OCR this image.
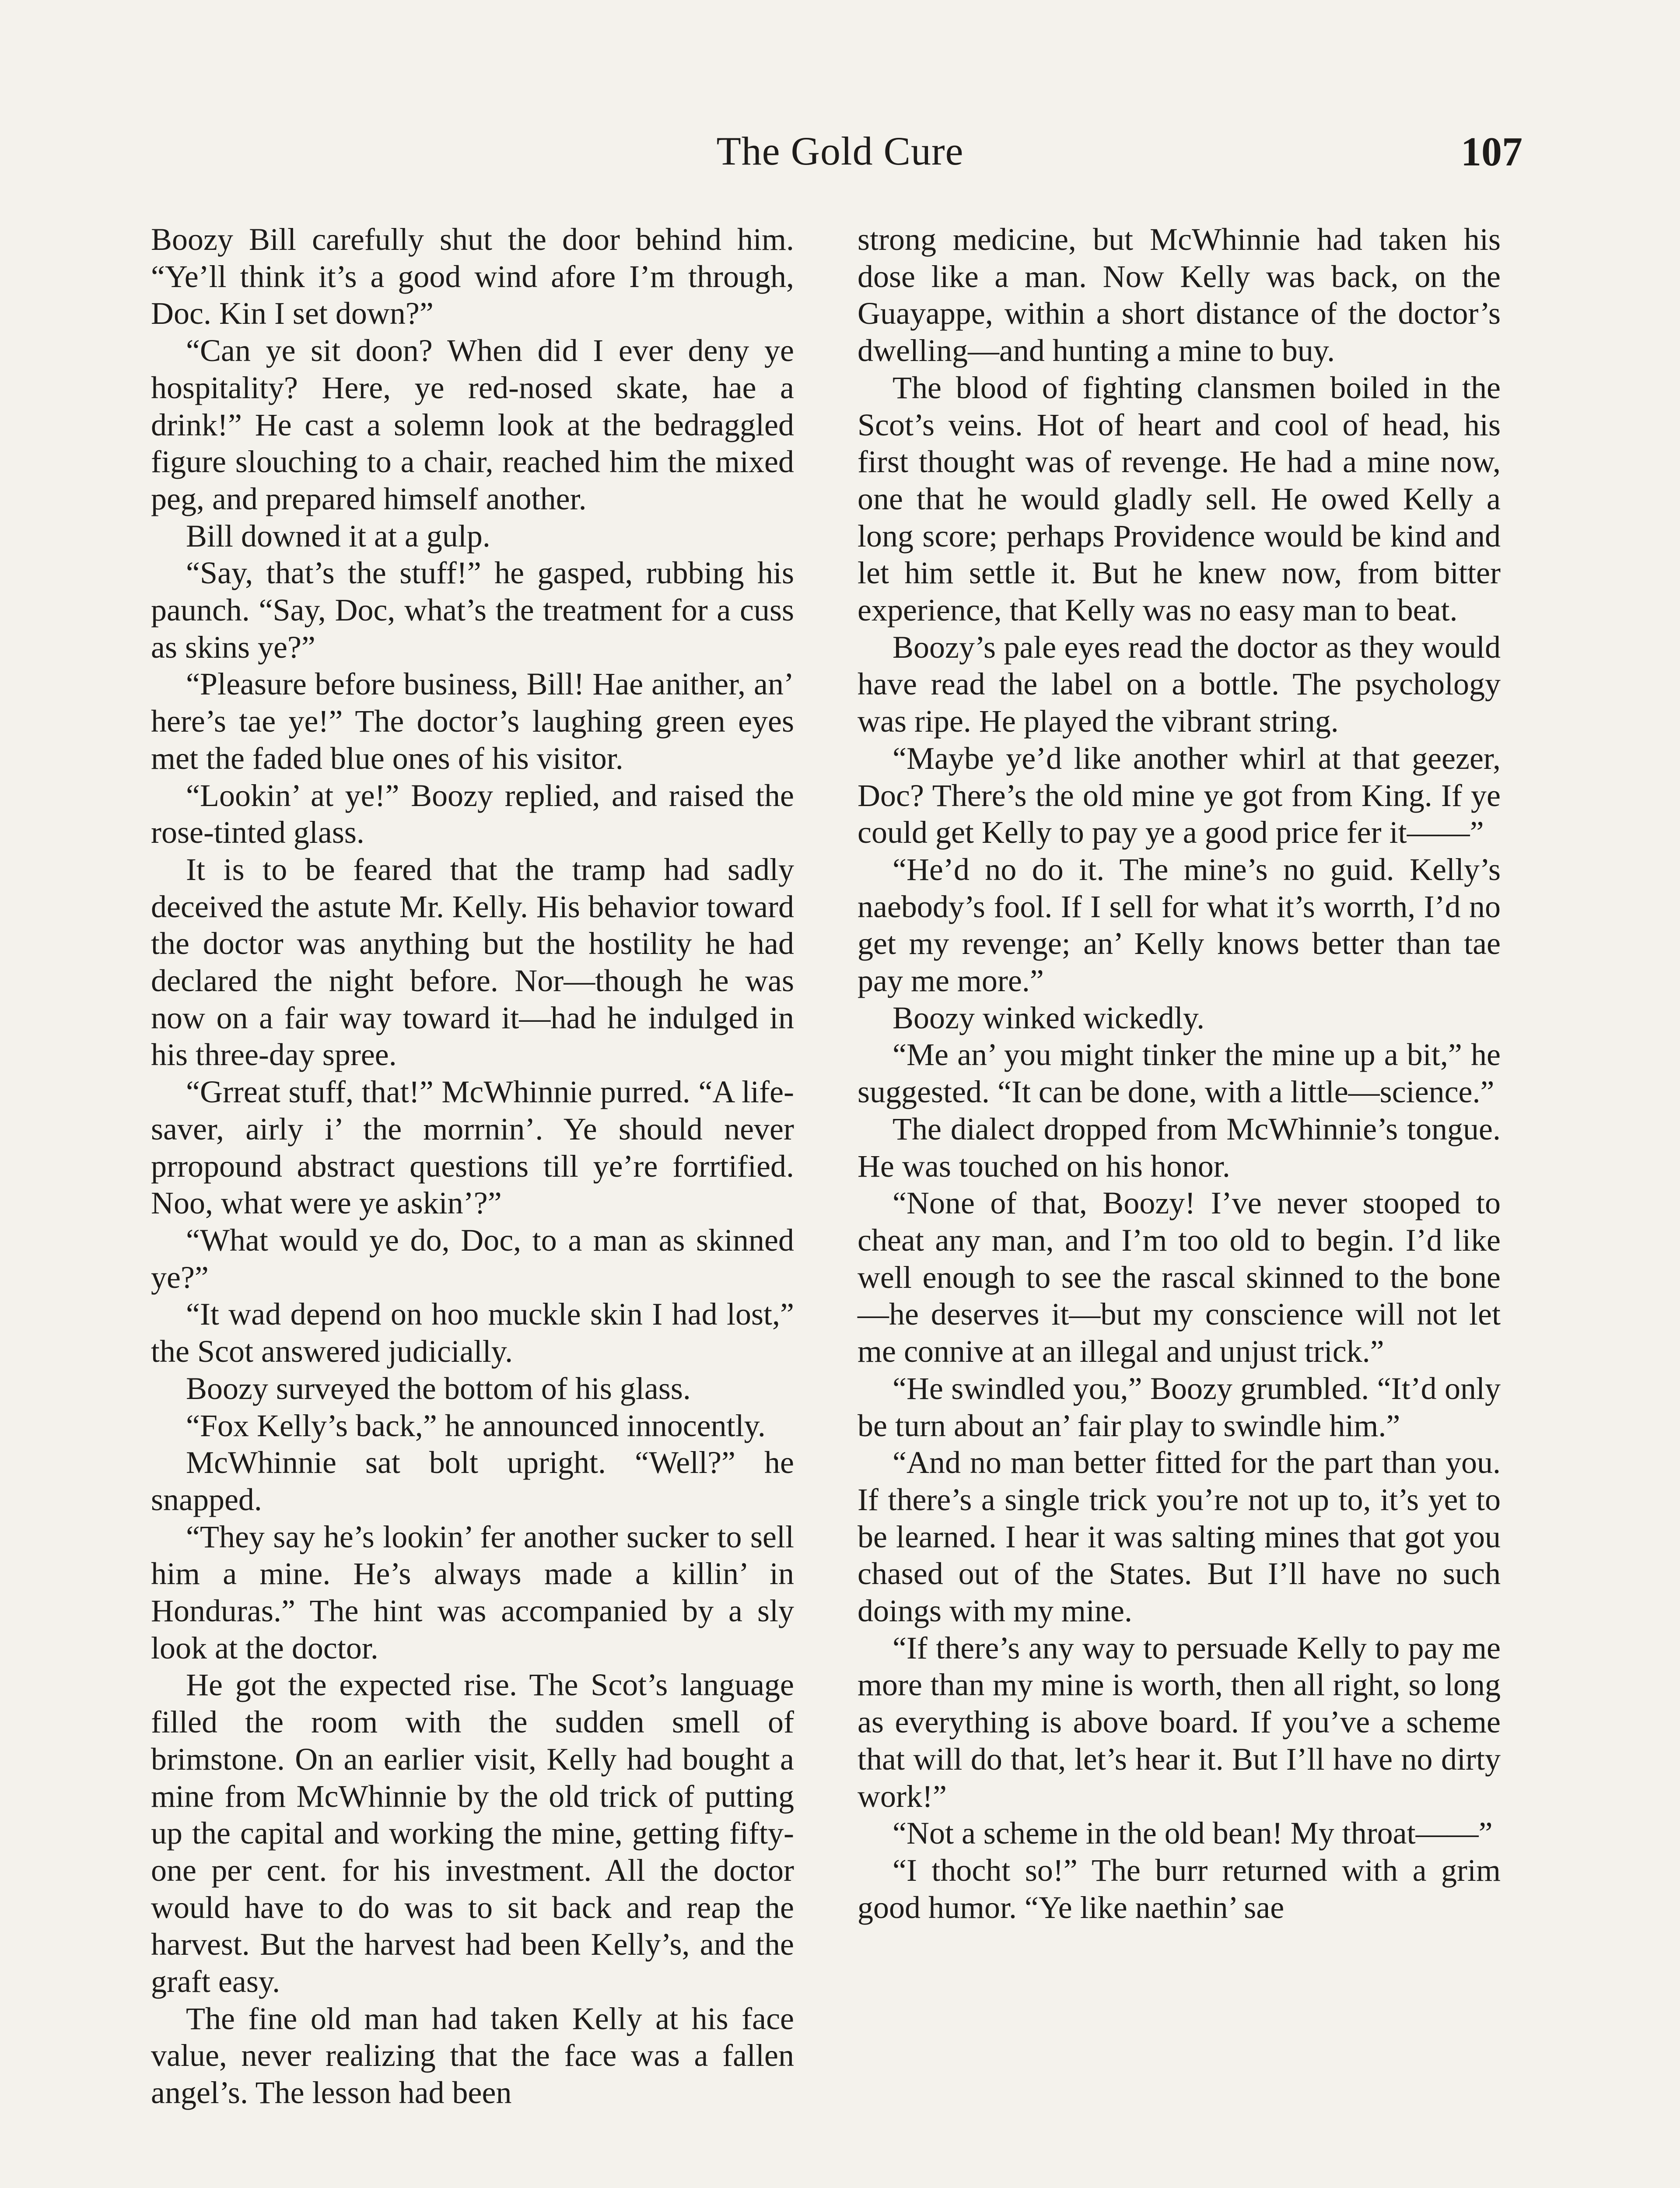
The Gold Cure	107

Boozy Bill carefully shut the door behind him. “Ye’ll think it’s a good wind afore I’m through, Doc. Kin I set down?”

“Can ye sit doon? When did I ever deny ye hospitality? Here, ye red-nosed skate, hae a drink!” He cast a solemn look at the bedraggled figure slouching to a chair, reached him the mixed peg, and prepared himself another.

Bill downed it at a gulp.

“Say, that’s the stuff!” he gasped, rubbing his paunch. “Say, Doc, what’s the treatment for a cuss as skins ye?”

“Pleasure before business, Bill! Hae anither, an’ here’s tae ye!” The doctor’s laughing green eyes met the faded blue ones of his visitor.

“Lookin’ at ye!” Boozy replied, and raised the rose-tinted glass.

It is to be feared that the tramp had sadly deceived the astute Mr. Kelly. His behavior toward the doctor was anything but the hostility he had declared the night before. Nor—though he was now on a fair way toward it—had he indulged in his three-day spree.

“Grreat stuff, that!” McWhinnie purred. “A life-saver, airly i’ the morrnin’. Ye should never prropound abstract questions till ye’re forrtified. Noo, what were ye askin’?”

“What would ye do, Doc, to a man as skinned ye?”

“It wad depend on hoo muckle skin I had lost,” the Scot answered judicially.

Boozy surveyed the bottom of his glass.

“Fox Kelly’s back,” he announced innocently.

McWhinnie sat bolt upright. “Well?” he snapped.

“They say he’s lookin’ fer another sucker to sell him a mine. He’s always made a killin’ in Honduras.” The hint was accompanied by a sly look at the doctor.

He got the expected rise. The Scot’s language filled the room with the sudden smell of brimstone. On an earlier visit, Kelly had bought a mine from McWhinnie by the old trick of putting up the capital and working the mine, getting fifty-one per cent. for his investment. All the doctor would have to do was to sit back and reap the harvest. But the harvest had been Kelly’s, and the graft easy.

The fine old man had taken Kelly at his face value, never realizing that the face was a fallen angel’s. The lesson had been

strong medicine, but McWhinnie had taken his dose like a man. Now Kelly was back, on the Guayappe, within a short distance of the doctor’s dwelling—and hunting a mine to buy.

The blood of fighting clansmen boiled in the Scot’s veins. Hot of heart and cool of head, his first thought was of revenge. He had a mine now, one that he would gladly sell. He owed Kelly a long score; perhaps Providence would be kind and let him settle it. But he knew now, from bitter experience, that Kelly was no easy man to beat.

Boozy’s pale eyes read the doctor as they would have read the label on a bottle. The psychology was ripe. He played the vibrant string.

“Maybe ye’d like another whirl at that geezer, Doc? There’s the old mine ye got from King. If ye could get Kelly to pay ye a good price fer it——”

“He’d no do it. The mine’s no guid. Kelly’s naebody’s fool. If I sell for what it’s worrth, I’d no get my revenge; an’ Kelly knows better than tae pay me more.”

Boozy winked wickedly.

“Me an’ you might tinker the mine up a bit,” he suggested. “It can be done, with a little—science.”

The dialect dropped from McWhinnie’s tongue. He was touched on his honor.

“None of that, Boozy! I’ve never stooped to cheat any man, and I’m too old to begin. I’d like well enough to see the rascal skinned to the bone—he deserves it—but my conscience will not let me connive at an illegal and unjust trick.”

“He swindled you,” Boozy grumbled. “It’d only be turn about an’ fair play to swindle him.”

“And no man better fitted for the part than you. If there’s a single trick you’re not up to, it’s yet to be learned. I hear it was salting mines that got you chased out of the States. But I’ll have no such doings with my mine.

“If there’s any way to persuade Kelly to pay me more than my mine is worth, then all right, so long as everything is above board. If you’ve a scheme that will do that, let’s hear it. But I’ll have no dirty work!”

“Not a scheme in the old bean! My throat——”

“I thocht so!” The burr returned with a grim good humor. “Ye like naethin’ sae
